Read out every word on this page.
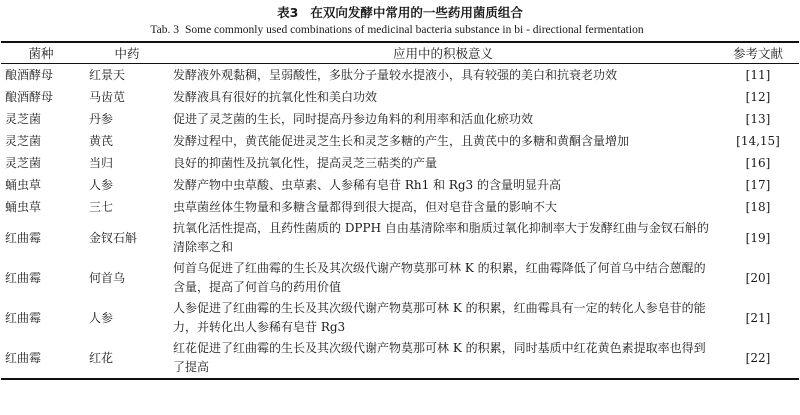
表3 在双向发酵中常用的一些药用菌质组合
Tab. 3 Some commonly used combinations of medicinal bacteria substance in bi - directional fermentation
菌种	中药	应用中的积极意义	参考文献
酿酒酵母	红景天	发酵液外观黏稠，呈弱酸性，多肽分子量较水提液小，具有较强的美白和抗衰老功效	[11]
酿酒酵母	马齿苋	发酵液具有很好的抗氧化性和美白功效	[12]
灵芝菌	丹参	促进了灵芝菌的生长，同时提高丹参边角料的利用率和活血化瘀功效	[13]
灵芝菌	黄芪	发酵过程中，黄芪能促进灵芝生长和灵芝多糖的产生，且黄芪中的多糖和黄酮含量增加	[14,15]
灵芝菌	当归	良好的抑菌性及抗氧化性，提高灵芝三萜类的产量	[16]
蛹虫草	人参	发酵产物中虫草酸、虫草素、人参稀有皂苷 Rh1 和 Rg3 的含量明显升高	[17]
蛹虫草	三七	虫草菌丝体生物量和多糖含量都得到很大提高，但对皂苷含量的影响不大	[18]
红曲霉	金钗石斛	抗氧化活性提高，且药性菌质的 DPPH 自由基清除率和脂质过氧化抑制率大于发酵红曲与金钗石斛的清除率之和	[19]
红曲霉	何首乌	何首乌促进了红曲霉的生长及其次级代谢产物莫那可林 K 的积累，红曲霉降低了何首乌中结合蒽醌的含量，提高了何首乌的药用价值	[20]
红曲霉	人参	人参促进了红曲霉的生长及其次级代谢产物莫那可林 K 的积累，红曲霉具有一定的转化人参皂苷的能力，并转化出人参稀有皂苷 Rg3	[21]
红曲霉	红花	红花促进了红曲霉的生长及其次级代谢产物莫那可林 K 的积累，同时基质中红花黄色素提取率也得到了提高	[22]
